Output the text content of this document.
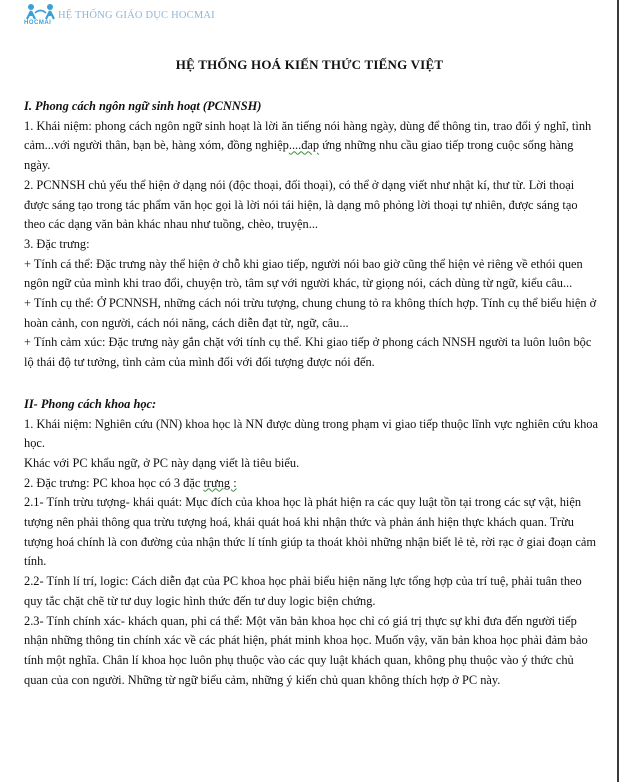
HOCMAI
HỆ THỐNG GIÁO DỤC HOCMAI
HỆ THỐNG HOÁ KIẾN THỨC TIẾNG VIỆT

I. Phong cách ngôn ngữ sinh hoạt (PCNNSH)

1. Khái niệm: phong cách ngôn ngữ sinh hoạt là lời ăn tiếng nói hàng ngày, dùng để thông tin, trao đổi ý nghĩ, tình cảm...với người thân, bạn bè, hàng xóm, đồng nghiệp....đap ứng những nhu cầu giao tiếp trong cuộc sống hàng ngày.

2. PCNNSH chủ yếu thể hiện ở dạng nói (độc thoại, đối thoại), có thể ở dạng viết như nhật kí, thư từ. Lời thoại được sáng tạo trong tác phẩm văn học gọi là lời nói tái hiện, là dạng mô phỏng lời thoại tự nhiên, được sáng tạo theo các dạng văn bản khác nhau như tuồng, chèo, truyện...

3. Đặc trưng:

+ Tính cá thể: Đặc trưng này thể hiện ở chỗ khi giao tiếp, người nói bao giờ cũng thể hiện vẻ riêng về ethói quen ngôn ngữ của mình khi trao đổi, chuyện trò, tâm sự với người khác, từ giọng nói, cách dùng từ ngữ, kiểu câu...

+ Tính cụ thể: Ở PCNNSH, những cách nói trừu tượng, chung chung tỏ ra không thích hợp. Tính cụ thể biểu hiện ở hoàn cảnh, con người, cách nói năng, cách diễn đạt từ, ngữ, câu...

+ Tính cảm xúc: Đặc trưng này gắn chặt với tính cụ thể. Khi giao tiếp ở phong cách NNSH người ta luôn luôn bộc lộ thái độ tư tưởng, tình cảm của mình đối với đối tượng được nói đến.

II- Phong cách khoa học:

1. Khái niệm: Nghiên cứu (NN) khoa học là NN được dùng trong phạm vi giao tiếp thuộc lĩnh vực nghiên cứu khoa học.

Khác với PC khẩu ngữ, ở PC này dạng viết là tiêu biểu.

2. Đặc trưng: PC khoa học có 3 đặc trưng :

2.1- Tính trừu tượng- khái quát: Mục đích của khoa học là phát hiện ra các quy luật tồn tại trong các sự vật, hiện tượng nên phải thông qua trừu tượng hoá, khái quát hoá khi nhận thức và phản ánh hiện thực khách quan. Trừu tượng hoá chính là con đường của nhận thức lí tính giúp ta thoát khỏi những nhận biết lẻ tẻ, rời rạc ở giai đoạn cảm tính.

2.2- Tính lí trí, logic: Cách diễn đạt của PC khoa học phải biểu hiện năng lực tổng hợp của trí tuệ, phải tuân theo quy tắc chặt chẽ từ tư duy logic hình thức đến tư duy logic biện chứng.

2.3- Tính chính xác- khách quan, phi cá thể: Một văn bản khoa học chỉ có giá trị thực sự khi đưa đến người tiếp nhận những thông tin chính xác về các phát hiện, phát minh khoa học. Muốn vậy, văn bản khoa học phải đảm bảo tính một nghĩa. Chân lí khoa học luôn phụ thuộc vào các quy luật khách quan, không phụ thuộc vào ý thức chủ quan của con người. Những từ ngữ biểu cảm, những ý kiến chủ quan không thích hợp ở PC này.
